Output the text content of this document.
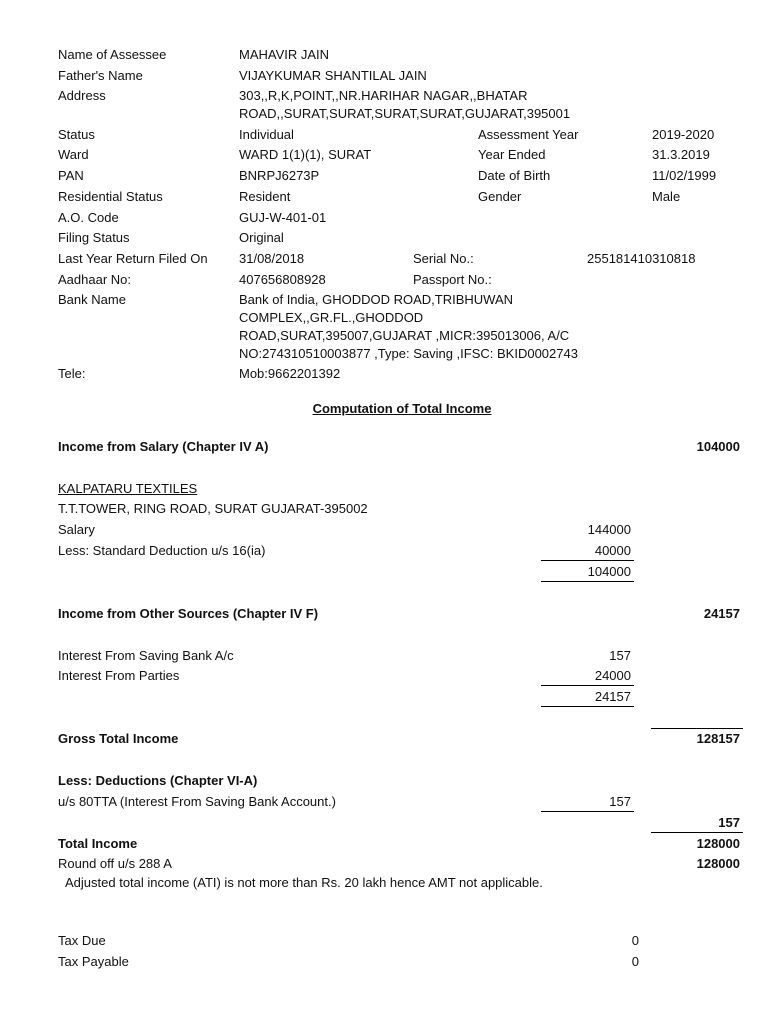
Name of Assessee	MAHAVIR JAIN
Father's Name	VIJAYKUMAR SHANTILAL JAIN
Address	303,,R,K,POINT,,NR.HARIHAR NAGAR,,BHATAR
ROAD,,SURAT,SURAT,SURAT,SURAT,GUJARAT,395001
Status	Individual	Assessment Year	2019-2020
Ward	WARD 1(1)(1), SURAT	Year Ended	31.3.2019
PAN	BNRPJ6273P	Date of Birth	11/02/1999
Residential Status	Resident	Gender	Male
A.O. Code	GUJ-W-401-01
Filing Status	Original
Last Year Return Filed On 31/08/2018	Serial No.:	255181410310818
Aadhaar No:	407656808928	Passport No.:
Bank Name	Bank of India, GHODDOD ROAD,TRIBHUWAN
COMPLEX,,GR.FL.,GHODDOD
ROAD,SURAT,395007,GUJARAT ,MICR:395013006, A/C
NO:274310510003877 ,Type: Saving ,IFSC: BKID0002743
Tele:	Mob:9662201392
Computation of Total Income
Income from Salary (Chapter IV A)	104000
KALPATARU TEXTILES
T.T.TOWER, RING ROAD, SURAT GUJARAT-395002
Salary	144000
Less: Standard Deduction u/s 16(ia)	40000
104000
Income from Other Sources (Chapter IV F)	24157
Interest From Saving Bank A/c	157
Interest From Parties	24000
24157
Gross Total Income	128157
Less: Deductions (Chapter VI-A)
u/s 80TTA (Interest From Saving Bank Account.)	157
157
Total Income	128000
Round off u/s 288 A	128000
Adjusted total income (ATI) is not more than Rs. 20 lakh hence AMT not applicable.
Tax Due	0
Tax Payable	0
